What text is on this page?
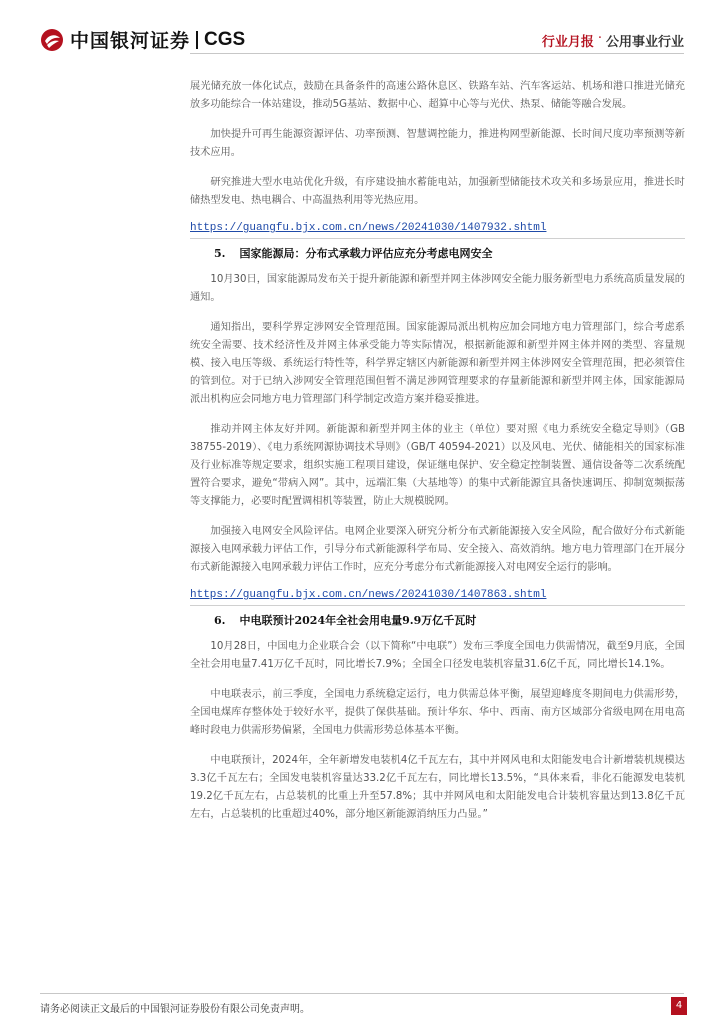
中国银河证券 CGS	行业月报 · 公用事业行业

展光储充放一体化试点，鼓励在具备条件的高速公路休息区、铁路车站、汽车客运站、机场和港口推进光储充放多功能综合一体站建设，推动5G基站、数据中心、超算中心等与光伏、热泵、储能等融合发展。

加快提升可再生能源资源评估、功率预测、智慧调控能力，推进构网型新能源、长时间尺度功率预测等新技术应用。

研究推进大型水电站优化升级，有序建设抽水蓄能电站，加强新型储能技术攻关和多场景应用，推进长时储热型发电、热电耦合、中高温热利用等光热应用。

https://guangfu.bjx.com.cn/news/20241030/1407932.shtml
5. 国家能源局：分布式承载力评估应充分考虑电网安全

10月30日，国家能源局发布关于提升新能源和新型并网主体涉网安全能力服务新型电力系统高质量发展的通知。

通知指出，要科学界定涉网安全管理范围。国家能源局派出机构应加会同地方电力管理部门，综合考虑系统安全需要、技术经济性及并网主体承受能力等实际情况，根据新能源和新型并网主体并网的类型、容量规模、接入电压等级、系统运行特性等，科学界定辖区内新能源和新型并网主体涉网安全管理范围，把必须管住的管到位。对于已纳入涉网安全管理范围但暂不满足涉网管理要求的存量新能源和新型并网主体，国家能源局派出机构应会同地方电力管理部门科学制定改造方案并稳妥推进。

推动并网主体友好并网。新能源和新型并网主体的业主（单位）要对照《电力系统安全稳定导则》（GB 38755-2019）、《电力系统网源协调技术导则》（GB/T 40594-2021）以及风电、光伏、储能相关的国家标准及行业标准等规定要求，组织实施工程项目建设，保证继电保护、安全稳定控制装置、通信设备等二次系统配置符合要求，避免“带病入网”。其中，远端汇集（大基地等）的集中式新能源宜具备快速调压、抑制宽频振荡等支撑能力，必要时配置调相机等装置，防止大规模脱网。

加强接入电网安全风险评估。电网企业要深入研究分析分布式新能源接入安全风险，配合做好分布式新能源接入电网承载力评估工作，引导分布式新能源科学布局、安全接入、高效消纳。地方电力管理部门在开展分布式新能源接入电网承载力评估工作时，应充分考虑分布式新能源接入对电网安全运行的影响。

https://guangfu.bjx.com.cn/news/20241030/1407863.shtml
6. 中电联预计2024年全社会用电量9.9万亿千瓦时

10月28日，中国电力企业联合会（以下简称“中电联”）发布三季度全国电力供需情况，截至9月底，全国全社会用电量7.41万亿千瓦时，同比增长7.9%；全国全口径发电装机容量31.6亿千瓦，同比增长14.1%。

中电联表示，前三季度，全国电力系统稳定运行，电力供需总体平衡，展望迎峰度冬期间电力供需形势，全国电煤库存整体处于较好水平，提供了保供基础。预计华东、华中、西南、南方区域部分省级电网在用电高峰时段电力供需形势偏紧，全国电力供需形势总体基本平衡。

中电联预计，2024年，全年新增发电装机4亿千瓦左右，其中并网风电和太阳能发电合计新增装机规模达3.3亿千瓦左右；全国发电装机容量达33.2亿千瓦左右，同比增长13.5%，“具体来看，非化石能源发电装机19.2亿千瓦左右，占总装机的比重上升至57.8%；其中并网风电和太阳能发电合计装机容量达到13.8亿千瓦左右，占总装机的比重超过40%，部分地区新能源消纳压力凸显。”

请务必阅读正文最后的中国银河证券股份有限公司免责声明。	4
